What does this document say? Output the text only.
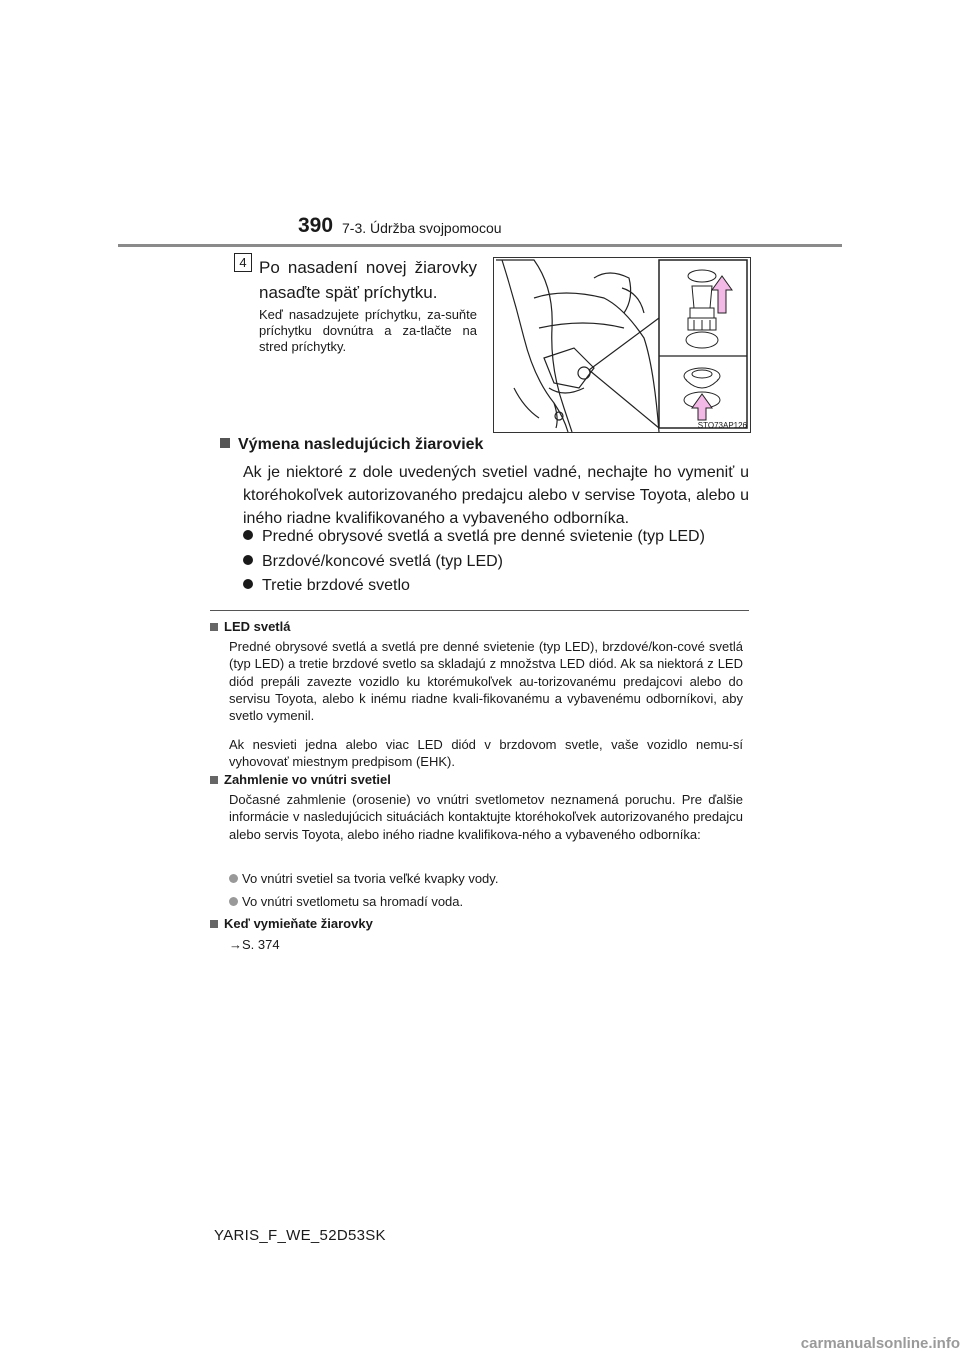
390 7-3. Údržba svojpomocou
4 Po nasadení novej žiarovky nasaďte späť príchytku.
Keď nasadzujete príchytku, za-suňte príchytku dovnútra a za-tlačte na stred príchytky.
STO73AP126
Výmena nasledujúcich žiaroviek
Ak je niektoré z dole uvedených svetiel vadné, nechajte ho vymeniť u ktoréhokoľvek autorizovaného predajcu alebo v servise Toyota, alebo u iného riadne kvalifikovaného a vybaveného odborníka.
Predné obrysové svetlá a svetlá pre denné svietenie (typ LED)
Brzdové/koncové svetlá (typ LED)
Tretie brzdové svetlo
LED svetlá
Predné obrysové svetlá a svetlá pre denné svietenie (typ LED), brzdové/kon-cové svetlá (typ LED) a tretie brzdové svetlo sa skladajú z množstva LED diód. Ak sa niektorá z LED diód prepáli zavezte vozidlo ku ktorémukoľvek au-torizovanému predajcovi alebo do servisu Toyota, alebo k inému riadne kvali-fikovanému a vybavenému odborníkovi, aby svetlo vymenil.
Ak nesvieti jedna alebo viac LED diód v brzdovom svetle, vaše vozidlo nemu-sí vyhovovať miestnym predpisom (EHK).
Zahmlenie vo vnútri svetiel
Dočasné zahmlenie (orosenie) vo vnútri svetlometov neznamená poruchu. Pre ďalšie informácie v nasledujúcich situáciách kontaktujte ktoréhokoľvek autorizovaného predajcu alebo servis Toyota, alebo iného riadne kvalifikova-ného a vybaveného odborníka:
Vo vnútri svetiel sa tvoria veľké kvapky vody.
Vo vnútri svetlometu sa hromadí voda.
Keď vymieňate žiarovky
→S. 374
YARIS_F_WE_52D53SK
carmanualsonline.info
